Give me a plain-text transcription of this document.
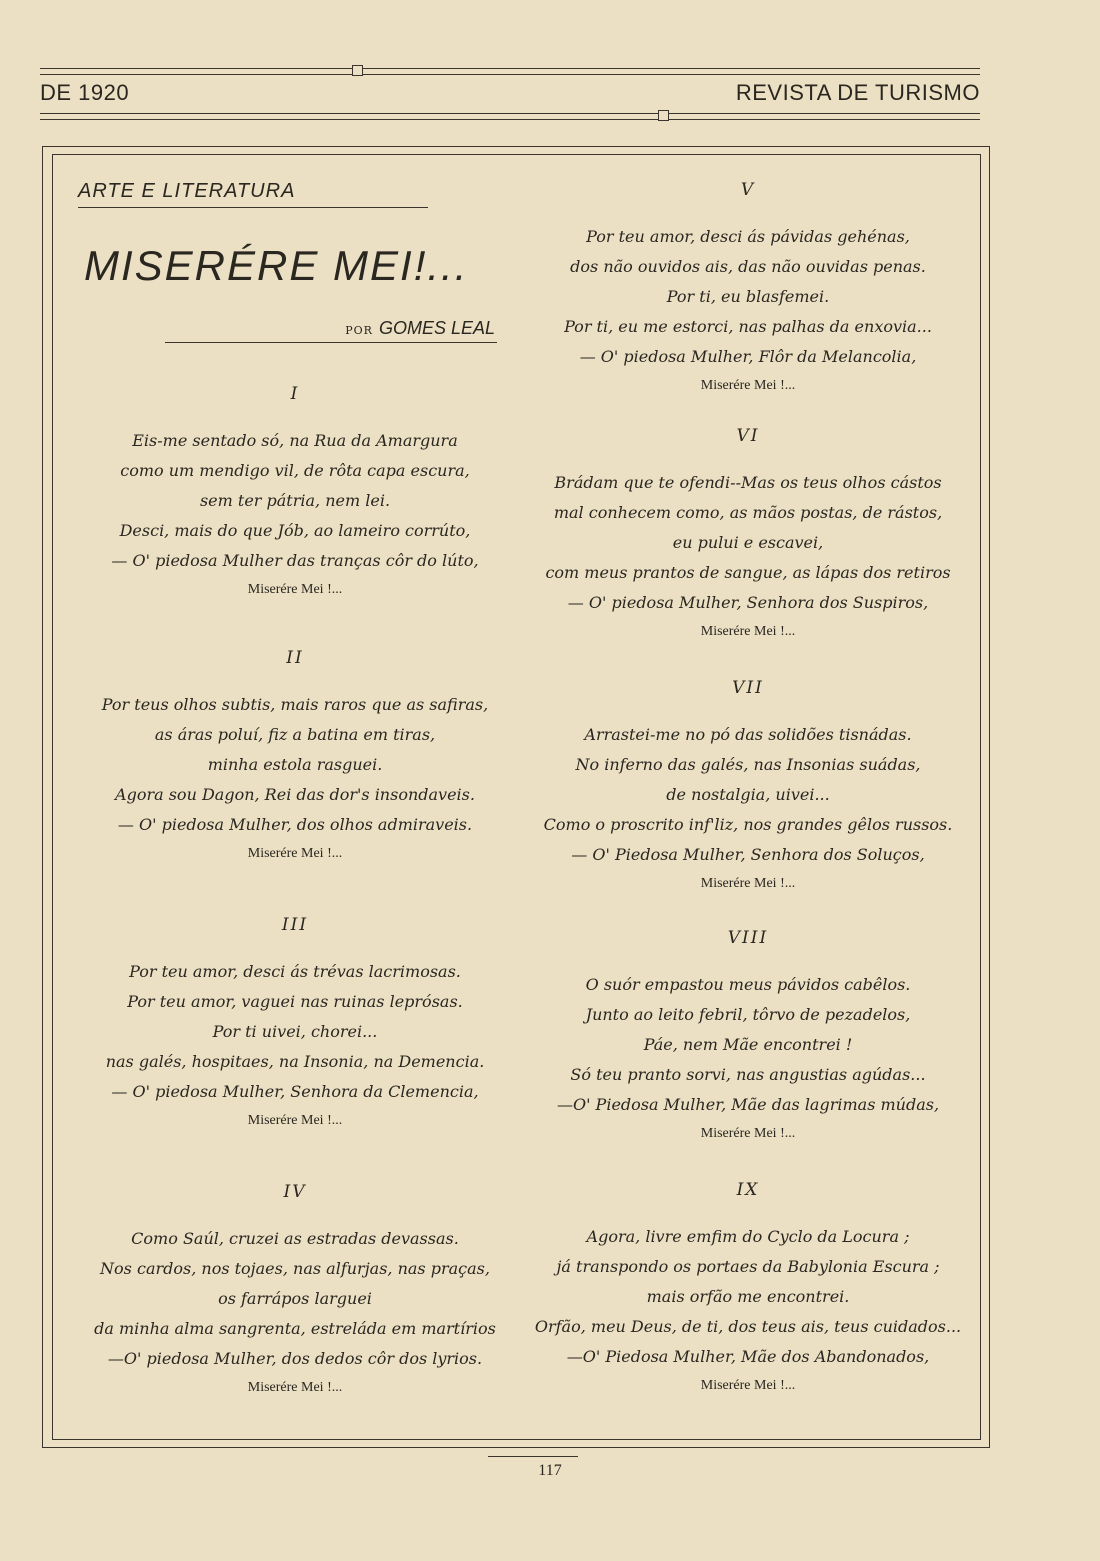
DE 1920	REVISTA DE TURISMO
ARTE E LITERATURA
MISERÉRE MEI!...
POR GOMES LEAL
I
Eis-me sentado só, na Rua da Amargura
como um mendigo vil, de rôta capa escura,
sem ter pátria, nem lei.
Desci, mais do que Jób, ao lameiro corrúto,
— O' piedosa Mulher das tranças côr do lúto,
Miserére Mei !...
II
Por teus olhos subtis, mais raros que as safiras,
as áras poluí, fiz a batina em tiras,
minha estola rasguei.
Agora sou Dagon, Rei das dor's insondaveis.
— O' piedosa Mulher, dos olhos admiraveis.
Miserére Mei !...
III
Por teu amor, desci ás trévas lacrimosas.
Por teu amor, vaguei nas ruinas leprósas.
Por ti uivei, chorei...
nas galés, hospitaes, na Insonia, na Demencia.
— O' piedosa Mulher, Senhora da Clemencia,
Miserére Mei !...
IV
Como Saúl, cruzei as estradas devassas.
Nos cardos, nos tojaes, nas alfurjas, nas praças,
os farrápos larguei
da minha alma sangrenta, estreláda em martírios
—O' piedosa Mulher, dos dedos côr dos lyrios.
Miserére Mei !...
V
Por teu amor, desci ás pávidas gehénas,
dos não ouvidos ais, das não ouvidas penas.
Por ti, eu blasfemei.
Por ti, eu me estorci, nas palhas da enxovia...
— O' piedosa Mulher, Flôr da Melancolia,
Miserére Mei !...
VI
Brádam que te ofendi--Mas os teus olhos cástos
mal conhecem como, as mãos postas, de rástos,
eu pului e escavei,
com meus prantos de sangue, as lápas dos retiros
— O' piedosa Mulher, Senhora dos Suspiros,
Miserére Mei !...
VII
Arrastei-me no pó das solidões tisnádas.
No inferno das galés, nas Insonias suádas,
de nostalgia, uivei...
Como o proscrito inf'liz, nos grandes gêlos russos.
— O' Piedosa Mulher, Senhora dos Soluços,
Miserére Mei !...
VIII
O suór empastou meus pávidos cabêlos.
Junto ao leito febril, tôrvo de pezadelos,
Páe, nem Mãe encontrei !
Só teu pranto sorvi, nas angustias agúdas...
—O' Piedosa Mulher, Mãe das lagrimas múdas,
Miserére Mei !...
IX
Agora, livre emfim do Cyclo da Locura ;
já transpondo os portaes da Babylonia Escura ;
mais orfão me encontrei.
Orfão, meu Deus, de ti, dos teus ais, teus cuidados...
—O' Piedosa Mulher, Mãe dos Abandonados,
Miserére Mei !...
117
